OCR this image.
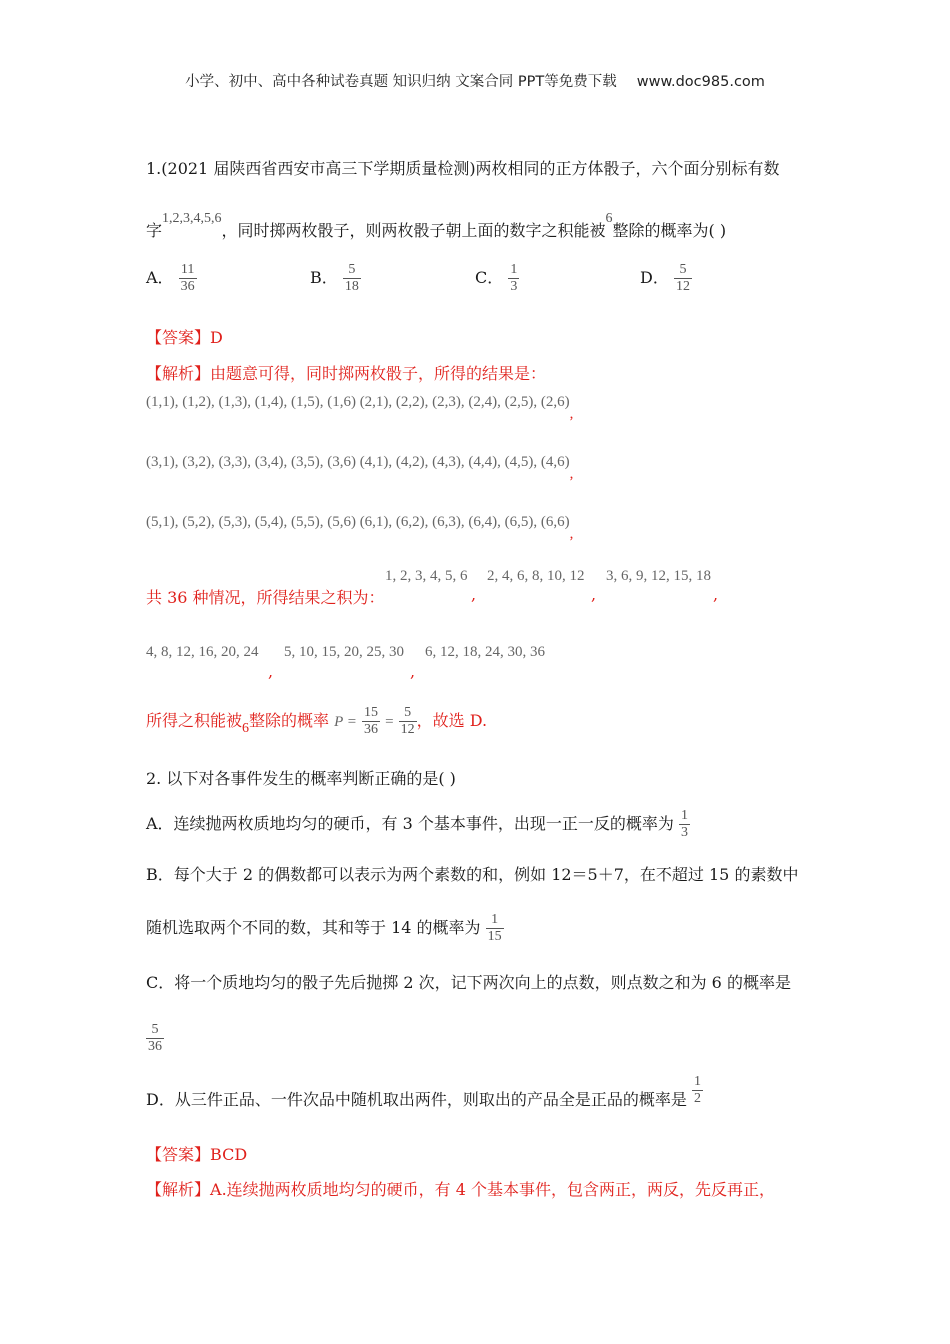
小学、初中、高中各种试卷真题 知识归纳 文案合同 PPT等免费下载 www.doc985.com
1.(2021 届陕西省西安市高三下学期质量检测)两枚相同的正方体骰子，六个面分别标有数
字1,2,3,4,5,6，同时掷两枚骰子，则两枚骰子朝上面的数字之积能被6整除的概率为( )
A． $\frac{11}{36}$	B． $\frac{5}{18}$	C． $\frac{1}{3}$	D． $\frac{5}{12}$
【答案】D
【解析】由题意可得，同时掷两枚骰子，所得的结果是：
(1,1), (1,2), (1,3), (1,4), (1,5), (1,6) (2,1), (2,2), (2,3), (2,4), (2,5), (2,6),
(3,1), (3,2), (3,3), (3,4), (3,5), (3,6) (4,1), (4,2), (4,3), (4,4), (4,5), (4,6),
(5,1), (5,2), (5,3), (5,4), (5,5), (5,6) (6,1), (6,2), (6,3), (6,4), (6,5), (6,6),
共 36 种情况，所得结果之积为：
1, 2, 3, 4, 5, 6
,
2, 4, 6, 8, 10, 12
,
3, 6, 9, 12, 15, 18
,
4, 8, 12, 16, 20, 24
,
5, 10, 15, 20, 25, 30
,
6, 12, 18, 24, 30, 36
所得之积能被6整除的概率 $P = \frac{15}{36} = \frac{5}{12}$ ，故选 D.
2. 以下对各事件发生的概率判断正确的是( )
A．连续抛两枚质地均匀的硬币，有 3 个基本事件，出现一正一反的概率为 $\frac{1}{3}$
B．每个大于 2 的偶数都可以表示为两个素数的和，例如 12＝5＋7，在不超过 15 的素数中
随机选取两个不同的数，其和等于 14 的概率为 $\frac{1}{15}$
C．将一个质地均匀的骰子先后抛掷 2 次，记下两次向上的点数，则点数之和为 6 的概率是
$\frac{5}{36}$
D．从三件正品、一件次品中随机取出两件，则取出的产品全是正品的概率是 $\frac{1}{2}$
【答案】BCD
【解析】A.连续抛两枚质地均匀的硬币，有 4 个基本事件，包含两正，两反，先反再正，
